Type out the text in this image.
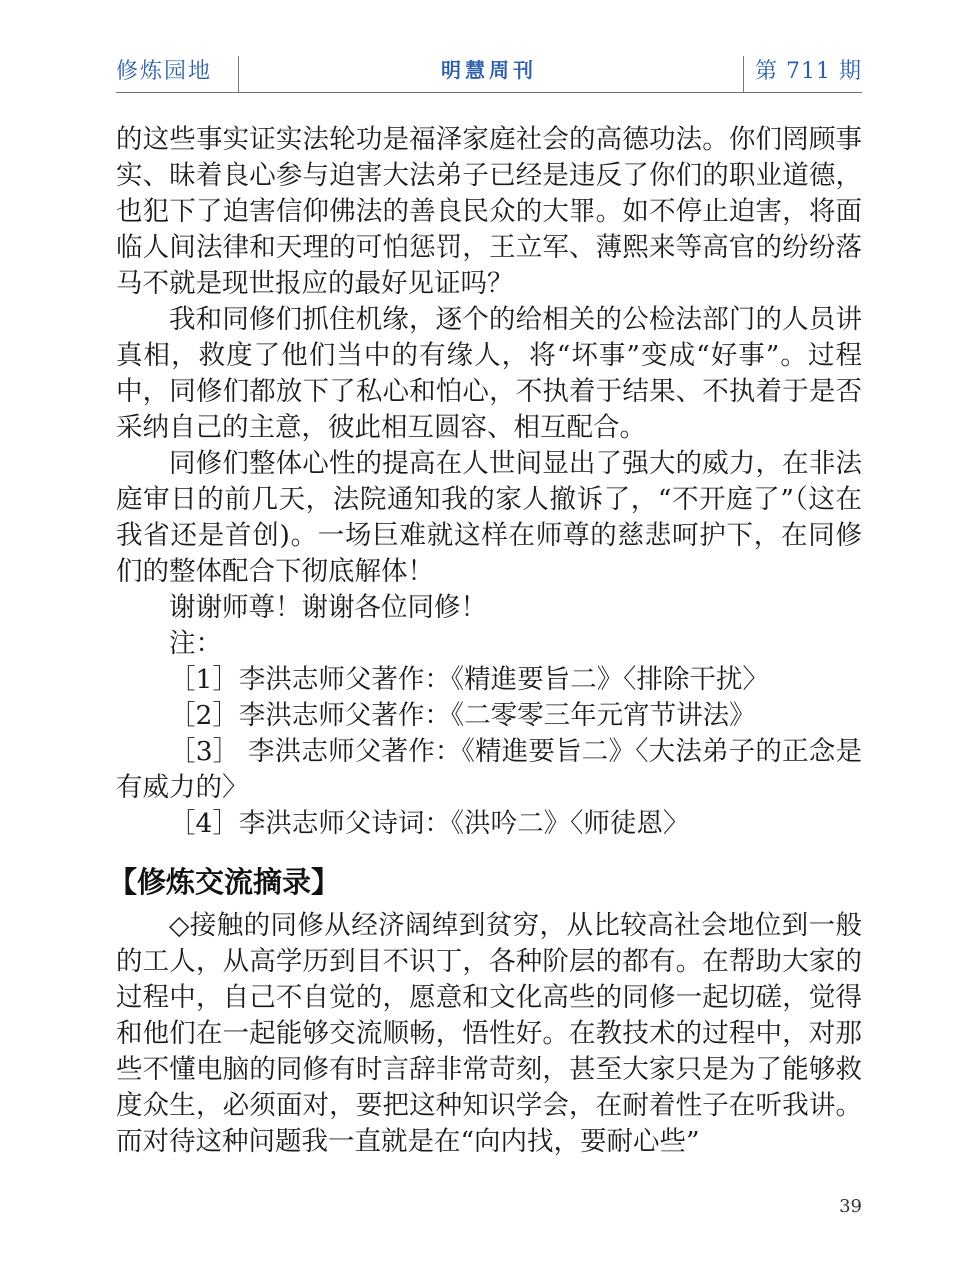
修炼园地	明慧周刊	第 711 期

的这些事实证实法轮功是福泽家庭社会的高德功法。你们罔顾事实、昧着良心参与迫害大法弟子已经是违反了你们的职业道德，也犯下了迫害信仰佛法的善良民众的大罪。如不停止迫害，将面临人间法律和天理的可怕惩罚，王立军、薄熙来等高官的纷纷落马不就是现世报应的最好见证吗？

我和同修们抓住机缘，逐个的给相关的公检法部门的人员讲真相，救度了他们当中的有缘人，将“坏事”变成“好事”。过程中，同修们都放下了私心和怕心，不执着于结果、不执着于是否采纳自己的主意，彼此相互圆容、相互配合。

同修们整体心性的提高在人世间显出了强大的威力，在非法庭审日的前几天，法院通知我的家人撤诉了，“不开庭了”（这在我省还是首创)。一场巨难就这样在师尊的慈悲呵护下，在同修们的整体配合下彻底解体！

谢谢师尊！谢谢各位同修！

注：

［1］李洪志师父著作：《精進要旨二》〈排除干扰〉

［2］李洪志师父著作：《二零零三年元宵节讲法》

［3］ 李洪志师父著作：《精進要旨二》〈大法弟子的正念是有威力的〉

［4］李洪志师父诗词：《洪吟二》〈师徒恩〉

【修炼交流摘录】

◇接触的同修从经济阔绰到贫穷，从比较高社会地位到一般的工人，从高学历到目不识丁，各种阶层的都有。在帮助大家的过程中，自己不自觉的，愿意和文化高些的同修一起切磋，觉得和他们在一起能够交流顺畅，悟性好。在教技术的过程中，对那些不懂电脑的同修有时言辞非常苛刻，甚至大家只是为了能够救度众生，必须面对，要把这种知识学会，在耐着性子在听我讲。而对待这种问题我一直就是在“向内找，要耐心些”

39
